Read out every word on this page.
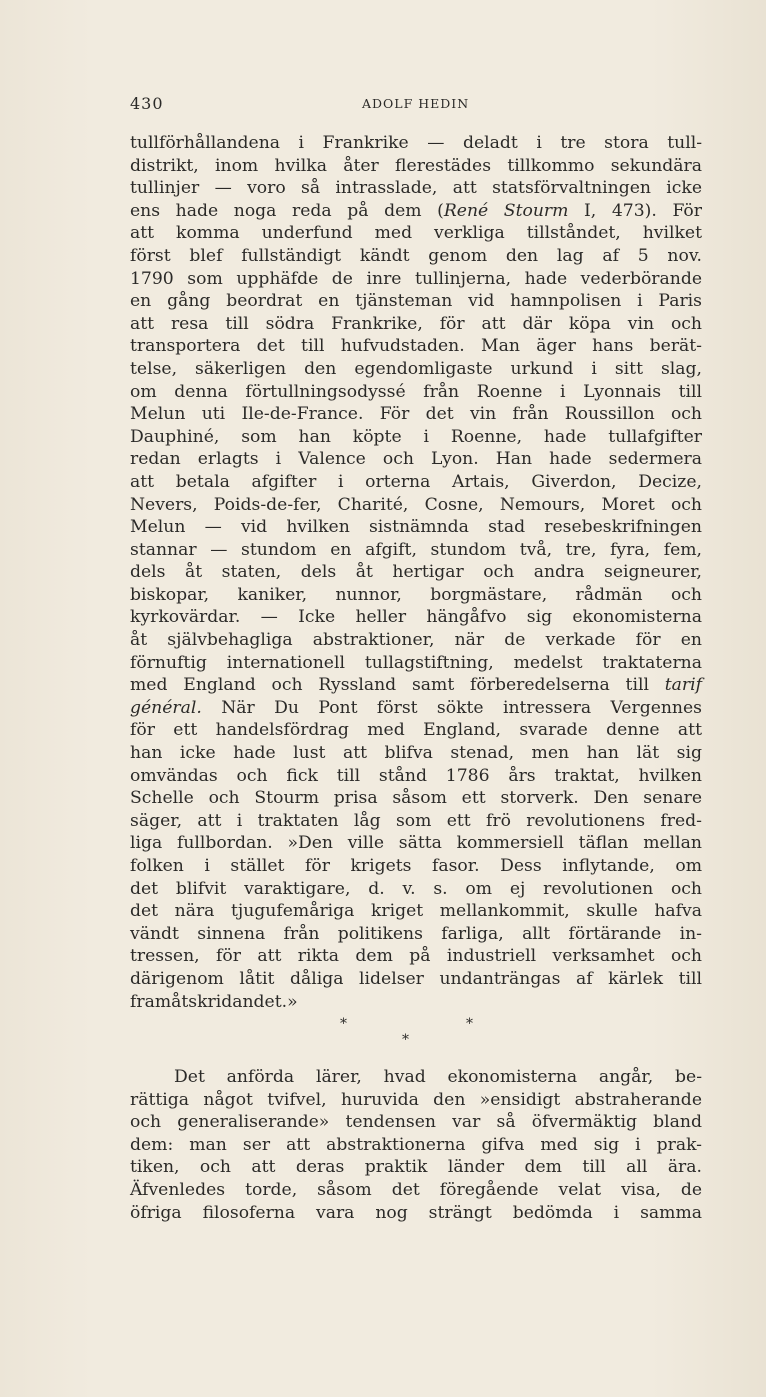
430	ADOLF HEDIN
tullförhållandena i Frankrike — deladt i tre stora tull-
distrikt, inom hvilka åter flerestädes tillkommo sekundära
tullinjer — voro så intrasslade, att statsförvaltningen icke
ens hade noga reda på dem (René Stourm I, 473). För
att komma underfund med verkliga tillståndet, hvilket
först blef fullständigt kändt genom den lag af 5 nov.
1790 som upphäfde de inre tullinjerna, hade vederbörande
en gång beordrat en tjänsteman vid hamnpolisen i Paris
att resa till södra Frankrike, för att där köpa vin och
transportera det till hufvudstaden. Man äger hans berät-
telse, säkerligen den egendomligaste urkund i sitt slag,
om denna förtullningsodyssé från Roenne i Lyonnais till
Melun uti Ile-de-France. För det vin från Roussillon och
Dauphiné, som han köpte i Roenne, hade tullafgifter
redan erlagts i Valence och Lyon. Han hade sedermera
att betala afgifter i orterna Artais, Giverdon, Decize,
Nevers, Poids-de-fer, Charité, Cosne, Nemours, Moret och
Melun — vid hvilken sistnämnda stad resebeskrifningen
stannar — stundom en afgift, stundom två, tre, fyra, fem,
dels åt staten, dels åt hertigar och andra seigneurer,
biskopar, kaniker, nunnor, borgmästare, rådmän och
kyrkovärdar. — Icke heller hängåfvo sig ekonomisterna
åt självbehagliga abstraktioner, när de verkade för en
förnuftig internationell tullagstiftning, medelst traktaterna
med England och Ryssland samt förberedelserna till tarif
général. När Du Pont först sökte intressera Vergennes
för ett handelsfördrag med England, svarade denne att
han icke hade lust att blifva stenad, men han lät sig
omvändas och fick till stånd 1786 års traktat, hvilken
Schelle och Stourm prisa såsom ett storverk. Den senare
säger, att i traktaten låg som ett frö revolutionens fred-
liga fullbordan. »Den ville sätta kommersiell täflan mellan
folken i stället för krigets fasor. Dess inflytande, om
det blifvit varaktigare, d. v. s. om ej revolutionen och
det nära tjugufemåriga kriget mellankommit, skulle hafva
vändt sinnena från politikens farliga, allt förtärande in-
tressen, för att rikta dem på industriell verksamhet och
därigenom låtit dåliga lidelser undanträngas af kärlek till
framåtskridandet.»
*	*
*
Det anförda lärer, hvad ekonomisterna angår, be-
rättiga något tvifvel, huruvida den »ensidigt abstraherande
och generaliserande» tendensen var så öfvermäktig bland
dem: man ser att abstraktionerna gifva med sig i prak-
tiken, och att deras praktik länder dem till all ära.
Äfvenledes torde, såsom det föregående velat visa, de
öfriga filosoferna vara nog strängt bedömda i samma
